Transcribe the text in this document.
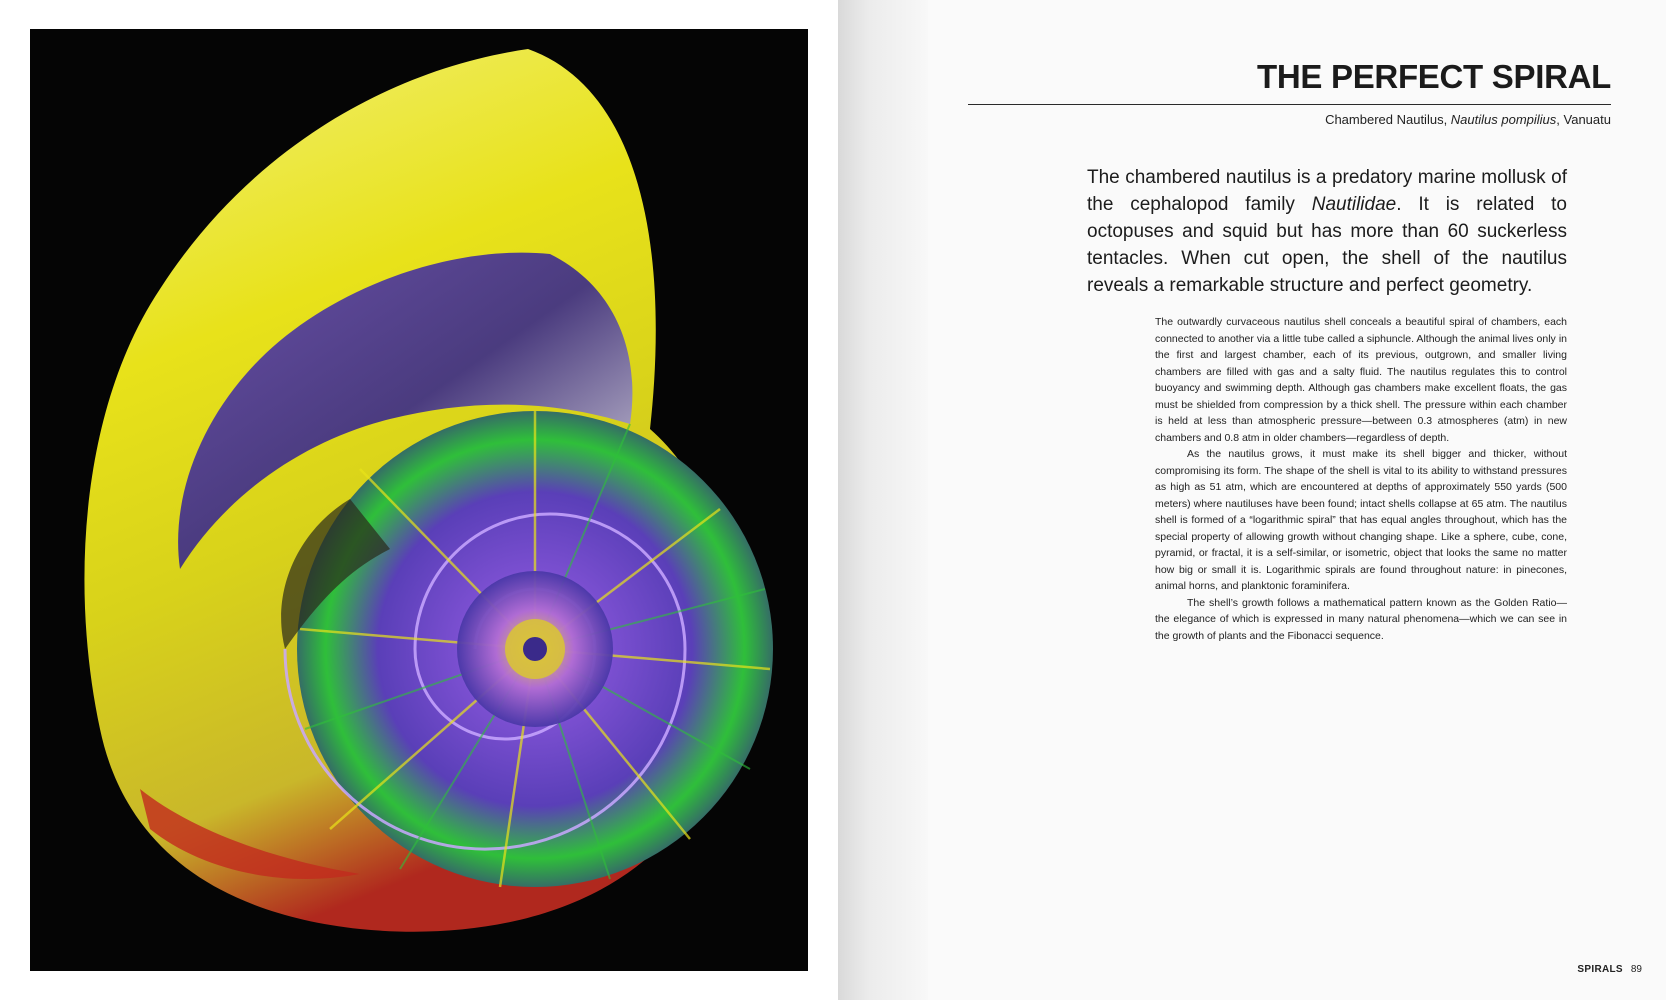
THE PERFECT SPIRAL

Chambered Nautilus, Nautilus pompilius, Vanuatu

The chambered nautilus is a predatory marine mollusk of the cephalopod family Nautilidae. It is related to octopuses and squid but has more than 60 suckerless tentacles. When cut open, the shell of the nautilus reveals a remarkable structure and perfect geometry.

The outwardly curvaceous nautilus shell conceals a beautiful spiral of chambers, each connected to another via a little tube called a siphuncle. Although the animal lives only in the first and largest chamber, each of its previous, outgrown, and smaller living chambers are filled with gas and a salty fluid. The nautilus regulates this to control buoyancy and swimming depth. Although gas chambers make excellent floats, the gas must be shielded from compression by a thick shell. The pressure within each chamber is held at less than atmospheric pressure—between 0.3 atmospheres (atm) in new chambers and 0.8 atm in older chambers—regardless of depth.

As the nautilus grows, it must make its shell bigger and thicker, without compromising its form. The shape of the shell is vital to its ability to withstand pressures as high as 51 atm, which are encountered at depths of approximately 550 yards (500 meters) where nautiluses have been found; intact shells collapse at 65 atm. The nautilus shell is formed of a “logarithmic spiral” that has equal angles throughout, which has the special property of allowing growth without changing shape. Like a sphere, cube, cone, pyramid, or fractal, it is a self-similar, or isometric, object that looks the same no matter how big or small it is. Logarithmic spirals are found throughout nature: in pinecones, animal horns, and planktonic foraminifera.

The shell’s growth follows a mathematical pattern known as the Golden Ratio—the elegance of which is expressed in many natural phenomena—which we can see in the growth of plants and the Fibonacci sequence.

SPIRALS 89
